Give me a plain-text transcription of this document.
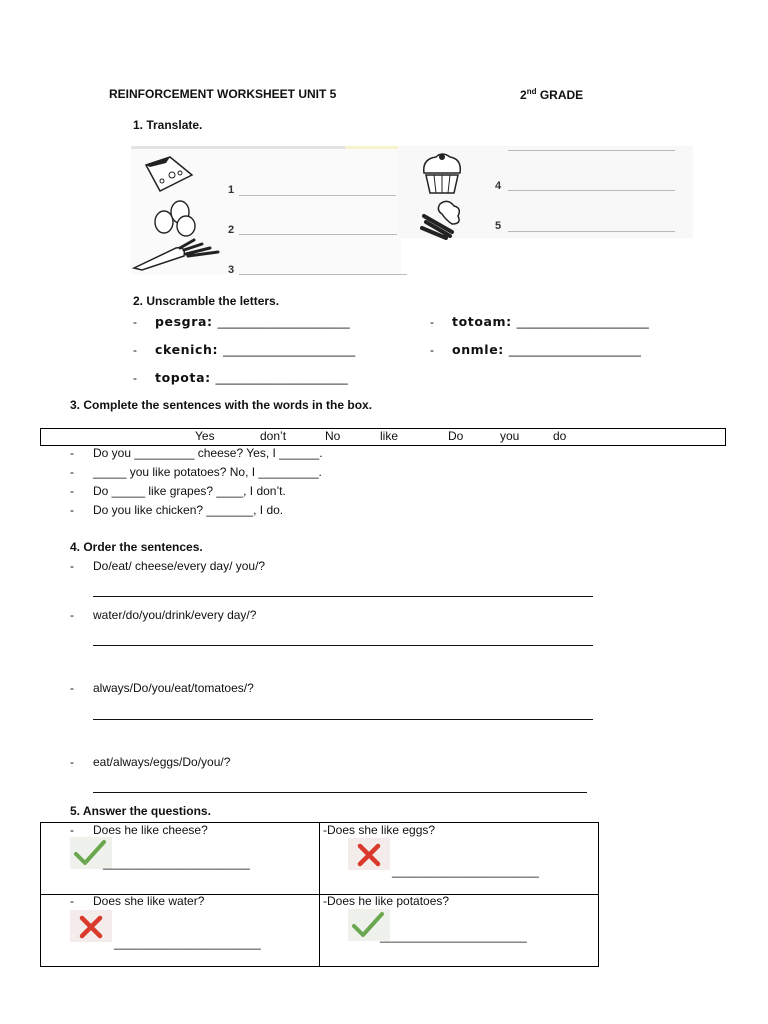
REINFORCEMENT WORKSHEET UNIT 5	2nd GRADE
1. Translate.
1
2
3
4
5
2. Unscramble the letters.
- pesgra: ___________________	- totoam: ___________________
- ckenich: ___________________	- onmle: ___________________
- topota: ___________________
3. Complete the sentences with the words in the box.
Yes	don’t	No	like	Do	you	do
- Do you _________ cheese? Yes, I ______.
- _____ you like potatoes? No, I _________.
- Do _____ like grapes? ____, I don’t.
- Do you like chicken? _______, I do.
4. Order the sentences.
- Do/eat/ cheese/every day/ you/?
- water/do/you/drink/every day/?
- always/Do/you/eat/tomatoes/?
- eat/always/eggs/Do/you/?
5. Answer the questions.
- Does he like cheese?
______________________
-Does she like eggs?
______________________
- Does she like water?
______________________
-Does he like potatoes?
______________________
